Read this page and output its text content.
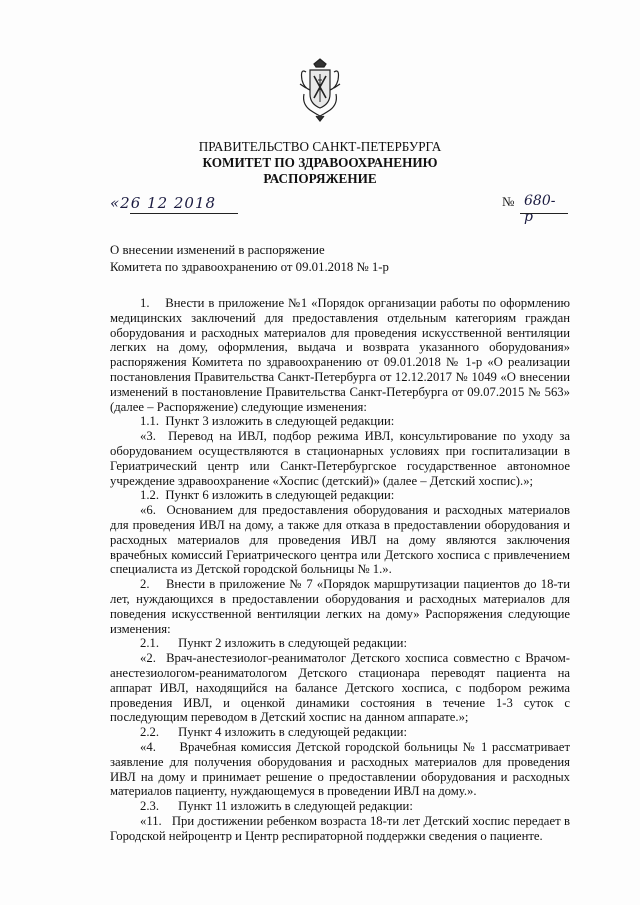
ПРАВИТЕЛЬСТВО САНКТ-ПЕТЕРБУРГА
КОМИТЕТ ПО ЗДРАВООХРАНЕНИЮ
РАСПОРЯЖЕНИЕ
«26 12 2018	№ 680-р
О внесении изменений в распоряжение
Комитета по здравоохранению от 09.01.2018 № 1-р

1.    Внести в приложение №1 «Порядок организации работы по оформлению медицинских заключений для предоставления отдельным категориям граждан оборудования и расходных материалов для проведения искусственной вентиляции легких на дому, оформления, выдача и возврата указанного оборудования» распоряжения Комитета по здравоохранению от 09.01.2018 № 1-р «О реализации постановления Правительства Санкт-Петербурга от 12.12.2017 № 1049 «О внесении изменений в постановление Правительства Санкт-Петербурга от 09.07.2015 № 563» (далее – Распоряжение) следующие изменения:

1.1.  Пункт 3 изложить в следующей редакции:

«3.  Перевод на ИВЛ, подбор режима ИВЛ, консультирование по уходу за оборудованием осуществляются в стационарных условиях при госпитализации в Гериатрический центр или Санкт-Петербургское государственное автономное учреждение здравоохранение «Хоспис (детский)» (далее – Детский хоспис).»;

1.2.  Пункт 6 изложить в следующей редакции:

«6.  Основанием для предоставления оборудования и расходных материалов для проведения ИВЛ на дому, а также для отказа в предоставлении оборудования и расходных материалов для проведения ИВЛ на дому являются заключения врачебных комиссий Гериатрического центра или Детского хосписа с привлечением специалиста из Детской городской больницы № 1.».

2.    Внести в приложение № 7 «Порядок маршрутизации пациентов до 18-ти лет, нуждающихся в предоставлении оборудования и расходных материалов для поведения искусственной вентиляции легких на дому» Распоряжения следующие изменения:

2.1.      Пункт 2 изложить в следующей редакции:

«2.  Врач-анестезиолог-реаниматолог Детского хосписа совместно с Врачом-анестезиологом-реаниматологом Детского стационара переводят пациента на аппарат ИВЛ, находящийся на балансе Детского хосписа, с подбором режима проведения ИВЛ, и оценкой динамики состояния в течение 1-3 суток с последующим переводом в Детский хоспис на данном аппарате.»;

2.2.      Пункт 4 изложить в следующей редакции:

«4.     Врачебная комиссия Детской городской больницы № 1 рассматривает заявление для получения оборудования и расходных материалов для проведения ИВЛ на дому и принимает решение о предоставлении оборудования и расходных материалов пациенту, нуждающемуся в проведении ИВЛ на дому.».

2.3.      Пункт 11 изложить в следующей редакции:

«11.   При достижении ребенком возраста 18-ти лет Детский хоспис передает в Городской нейроцентр и Центр респираторной поддержки сведения о пациенте.
